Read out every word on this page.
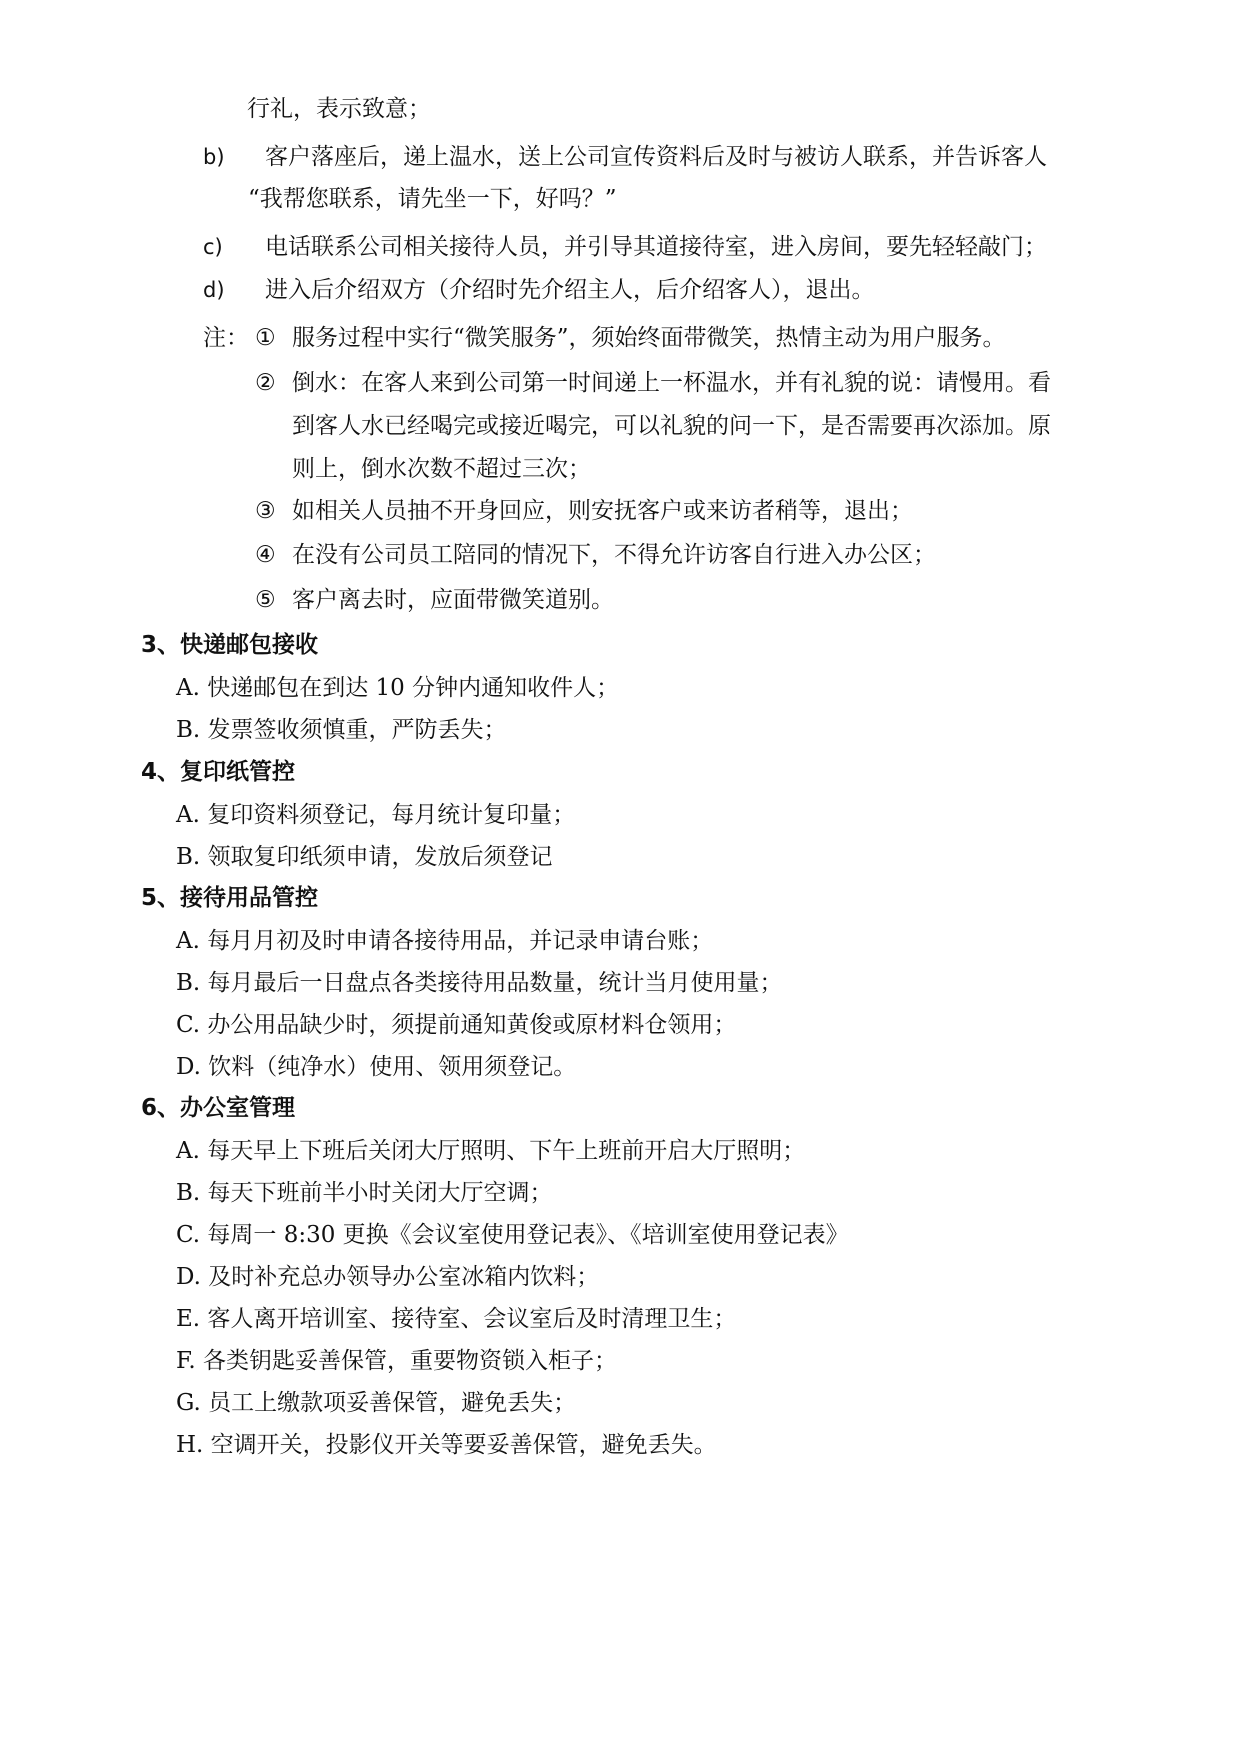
行礼，表示致意；
b) 客户落座后，递上温水，送上公司宣传资料后及时与被访人联系，并告诉客人
“我帮您联系，请先坐一下，好吗？”
c) 电话联系公司相关接待人员，并引导其道接待室，进入房间，要先轻轻敲门；
d) 进入后介绍双方（介绍时先介绍主人，后介绍客人），退出。
注： ① 服务过程中实行“微笑服务”，须始终面带微笑，热情主动为用户服务。
② 倒水：在客人来到公司第一时间递上一杯温水，并有礼貌的说：请慢用。看
到客人水已经喝完或接近喝完，可以礼貌的问一下，是否需要再次添加。原
则上，倒水次数不超过三次；
③ 如相关人员抽不开身回应，则安抚客户或来访者稍等，退出；
④ 在没有公司员工陪同的情况下，不得允许访客自行进入办公区；
⑤ 客户离去时，应面带微笑道别。
3、快递邮包接收
A. 快递邮包在到达 10 分钟内通知收件人；
B. 发票签收须慎重，严防丢失；
4、复印纸管控
A. 复印资料须登记，每月统计复印量；
B. 领取复印纸须申请，发放后须登记
5、接待用品管控
A. 每月月初及时申请各接待用品，并记录申请台账；
B. 每月最后一日盘点各类接待用品数量，统计当月使用量；
C. 办公用品缺少时，须提前通知黄俊或原材料仓领用；
D. 饮料（纯净水）使用、领用须登记。
6、办公室管理
A. 每天早上下班后关闭大厅照明、下午上班前开启大厅照明；
B. 每天下班前半小时关闭大厅空调；
C. 每周一 8:30 更换《会议室使用登记表》、《培训室使用登记表》
D. 及时补充总办领导办公室冰箱内饮料；
E. 客人离开培训室、接待室、会议室后及时清理卫生；
F. 各类钥匙妥善保管，重要物资锁入柜子；
G. 员工上缴款项妥善保管，避免丢失；
H. 空调开关，投影仪开关等要妥善保管，避免丢失。
